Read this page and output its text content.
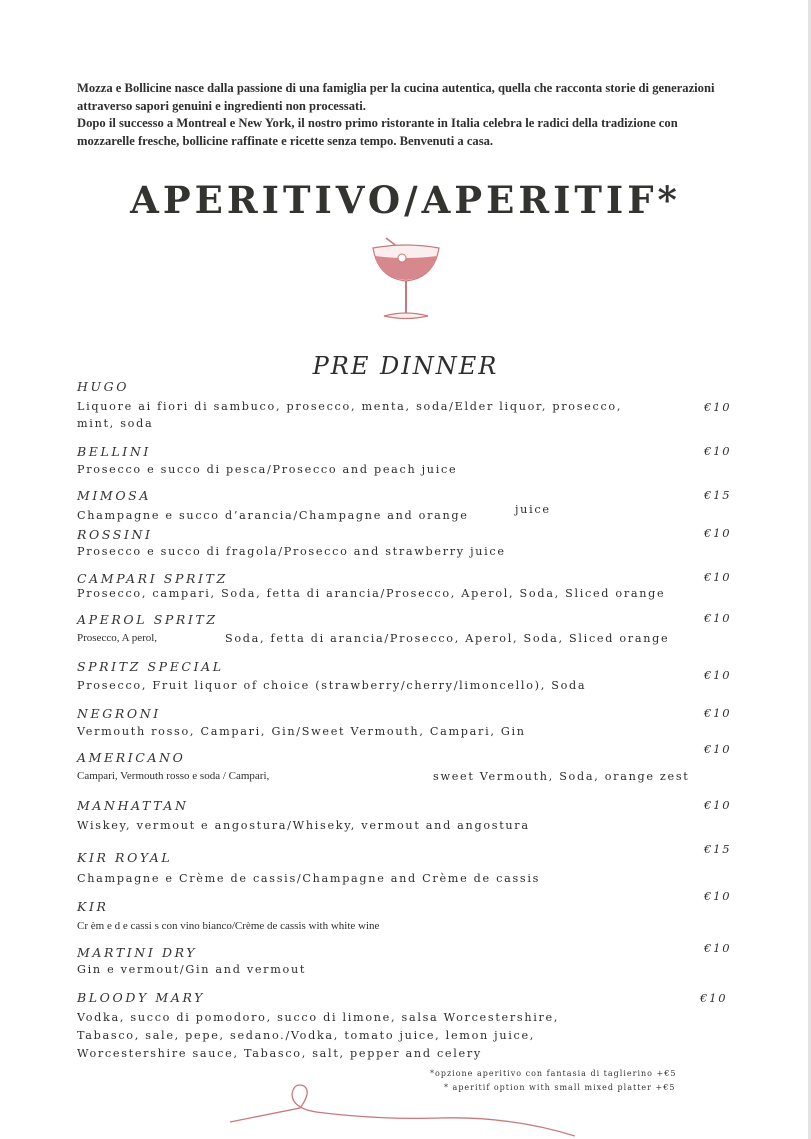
Mozza e Bollicine nasce dalla passione di una famiglia per la cucina autentica, quella che racconta storie di generazioni attraverso sapori genuini e ingredienti non processati.

Dopo il successo a Montreal e New York, il nostro primo ristorante in Italia celebra le radici della tradizione con mozzarelle fresche, bollicine raffinate e ricette senza tempo. Benvenuti a casa.

APERITIVO/APERITIF*
PRE DINNER
HUGO
Liquore ai fiori di sambuco, prosecco, menta, soda/Elder liquor, prosecco,
mint, soda
€10
BELLINI
Prosecco e succo di pesca/Prosecco and peach juice
€10
MIMOSA
Champagne e succo d’arancia/Champagne and orange	juice
€15
ROSSINI
Prosecco e succo di fragola/Prosecco and strawberry juice
€10
CAMPARI SPRITZ
Prosecco, campari, Soda, fetta di arancia/Prosecco, Aperol, Soda, Sliced orange
€10
APEROL SPRITZ
Prosecco, A perol,	Soda, fetta di arancia/Prosecco, Aperol, Soda, Sliced orange
€10
SPRITZ SPECIAL
Prosecco, Fruit liquor of choice (strawberry/cherry/limoncello), Soda
€10
NEGRONI
Vermouth rosso, Campari, Gin/Sweet Vermouth, Campari, Gin
€10
AMERICANO
Campari, Vermouth rosso e soda / Campari,	sweet Vermouth, Soda, orange zest
€10
MANHATTAN
Wiskey, vermout e angostura/Whiseky, vermout and angostura
€10
KIR ROYAL
Champagne e Crème de cassis/Champagne and Crème de cassis
€15
KIR
Cr èm e d e cassi s con vino bianco/Crème de cassis with white wine
€10
MARTINI DRY
Gin e vermout/Gin and vermout
€10
BLOODY MARY
Vodka, succo di pomodoro, succo di limone, salsa Worcestershire,
Tabasco, sale, pepe, sedano./Vodka, tomato juice, lemon juice,
Worcestershire sauce, Tabasco, salt, pepper and celery
€10
*opzione aperitivo con fantasia di taglierino +€5
* aperitif option with small mixed platter +€5
